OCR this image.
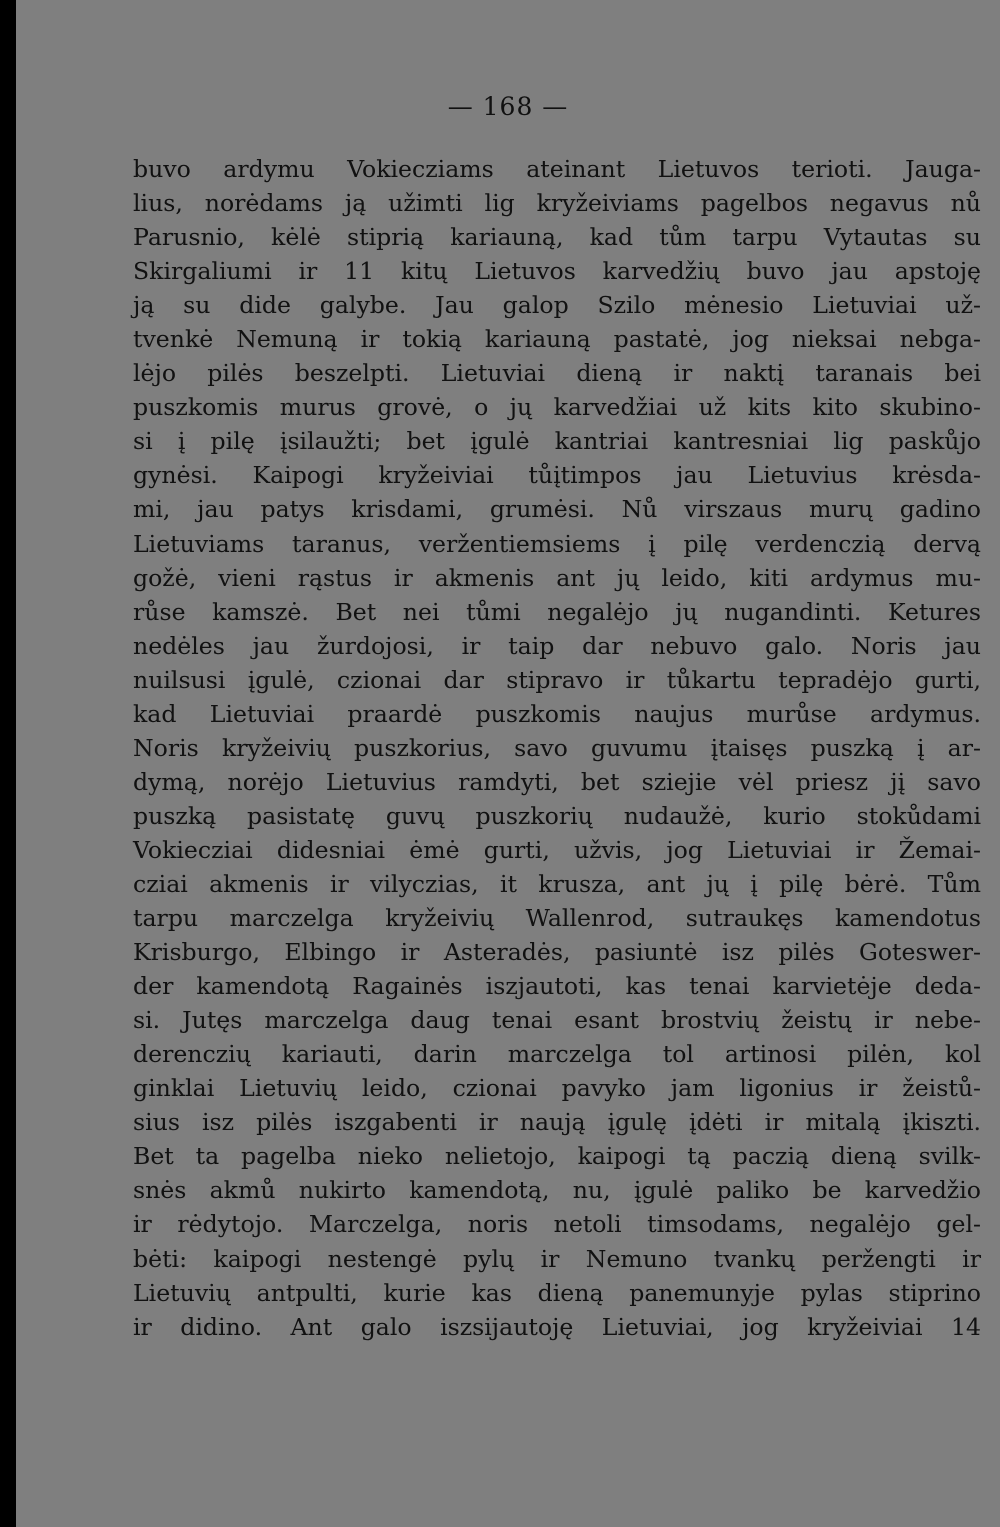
— 168 —
buvo ardymu Vokiecziams ateinant Lietuvos terioti. Jauga-
lius, norėdams ją užimti lig kryžeiviams pagelbos negavus nů
Parusnio, kėlė stiprią kariauną, kad tům tarpu Vytautas su
Skirgaliumi ir 11 kitų Lietuvos karvedžių buvo jau apstoję
ją su dide galybe. Jau galop Szilo mėnesio Lietuviai už-
tvenkė Nemuną ir tokią kariauną pastatė, jog nieksai nebga-
lėjo pilės beszelpti. Lietuviai dieną ir naktį taranais bei
puszkomis murus grovė, o jų karvedžiai už kits kito skubino-
si į pilę įsilaužti; bet įgulė kantriai kantresniai lig paskůjo
gynėsi. Kaipogi kryžeiviai tůįtimpos jau Lietuvius krėsda-
mi, jau patys krisdami, grumėsi. Nů virszaus murų gadino
Lietuviams taranus, veržentiemsiems į pilę verdenczią dervą
gožė, vieni rąstus ir akmenis ant jų leido, kiti ardymus mu-
růse kamszė. Bet nei tůmi negalėjo jų nugandinti. Ketures
nedėles jau žurdojosi, ir taip dar nebuvo galo. Noris jau
nuilsusi įgulė, czionai dar stipravo ir tůkartu tepradėjo gurti,
kad Lietuviai praardė puszkomis naujus murůse ardymus.
Noris kryžeivių puszkorius, savo guvumu įtaisęs puszką į ar-
dymą, norėjo Lietuvius ramdyti, bet sziejie vėl priesz jį savo
puszką pasistatę guvų puszkorių nudaužė, kurio stokůdami
Vokiecziai didesniai ėmė gurti, užvis, jog Lietuviai ir Žemai-
cziai akmenis ir vilyczias, it krusza, ant jų į pilę bėrė. Tům
tarpu marczelga kryžeivių Wallenrod, sutraukęs kamendotus
Krisburgo, Elbingo ir Asteradės, pasiuntė isz pilės Goteswer-
der kamendotą Ragainės iszjautoti, kas tenai karvietėje deda-
si. Jutęs marczelga daug tenai esant brostvių žeistų ir nebe-
derenczių kariauti, darin marczelga tol artinosi pilėn, kol
ginklai Lietuvių leido, czionai pavyko jam ligonius ir žeistů-
sius isz pilės iszgabenti ir naują įgulę įdėti ir mitalą įkiszti.
Bet ta pagelba nieko nelietojo, kaipogi tą paczią dieną svilk-
snės akmů nukirto kamendotą, nu, įgulė paliko be karvedžio
ir rėdytojo. Marczelga, noris netoli timsodams, negalėjo gel-
bėti: kaipogi nestengė pylų ir Nemuno tvankų peržengti ir
Lietuvių antpulti, kurie kas dieną panemunyje pylas stiprino
ir didino. Ant galo iszsijautoję Lietuviai, jog kryžeiviai 14
